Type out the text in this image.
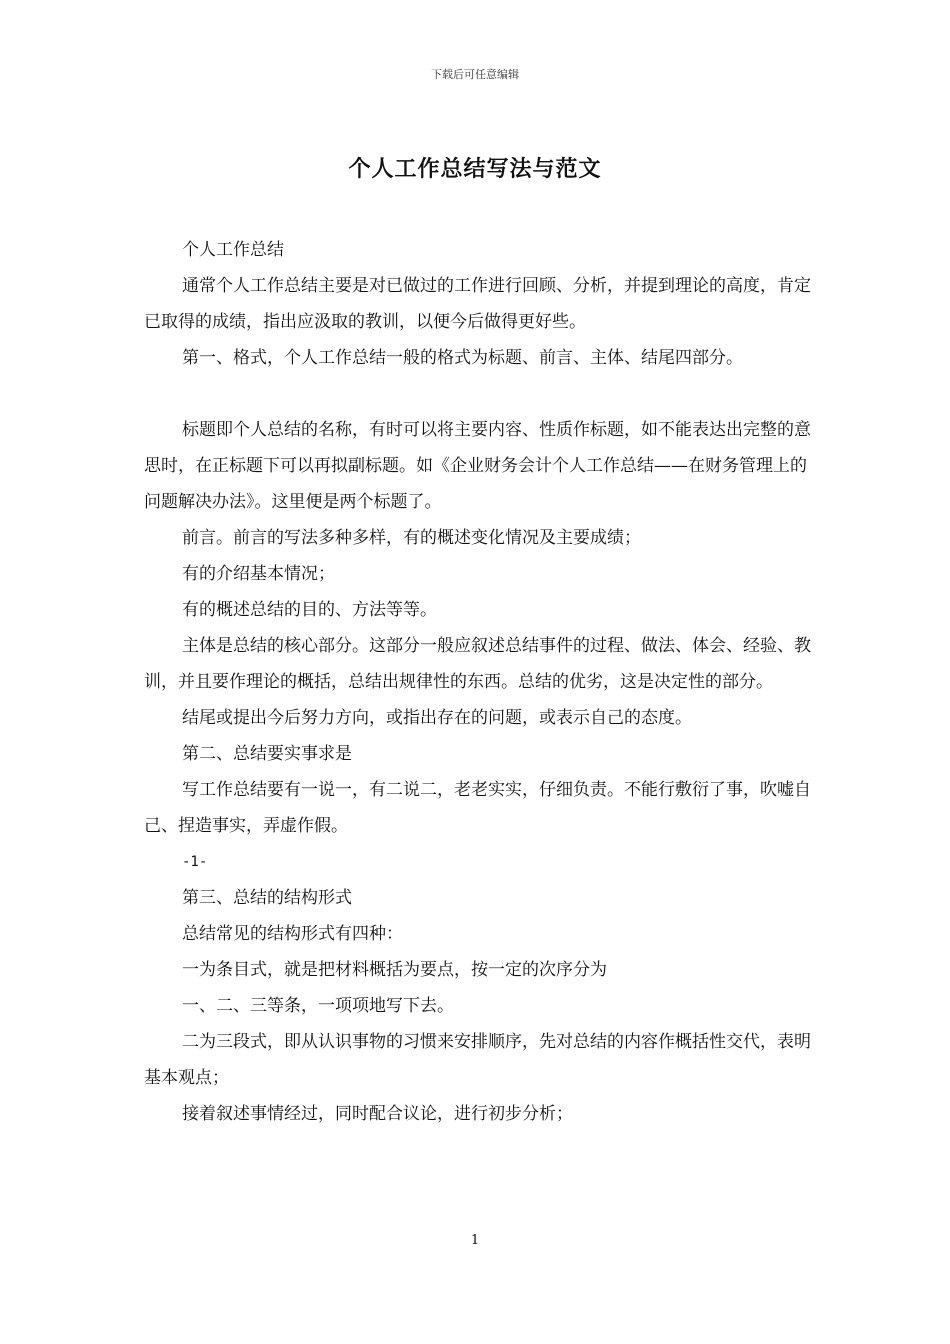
下载后可任意编辑
个人工作总结写法与范文

个人工作总结

通常个人工作总结主要是对已做过的工作进行回顾、分析，并提到理论的高度，肯定已取得的成绩，指出应汲取的教训，以便今后做得更好些。

第一、格式，个人工作总结一般的格式为标题、前言、主体、结尾四部分。

标题即个人总结的名称，有时可以将主要内容、性质作标题，如不能表达出完整的意思时，在正标题下可以再拟副标题。如《企业财务会计个人工作总结——在财务管理上的问题解决办法》。这里便是两个标题了。

前言。前言的写法多种多样，有的概述变化情况及主要成绩；

有的介绍基本情况；

有的概述总结的目的、方法等等。

主体是总结的核心部分。这部分一般应叙述总结事件的过程、做法、体会、经验、教训，并且要作理论的概括，总结出规律性的东西。总结的优劣，这是决定性的部分。

结尾或提出今后努力方向，或指出存在的问题，或表示自己的态度。

第二、总结要实事求是

写工作总结要有一说一，有二说二，老老实实，仔细负责。不能行敷衍了事，吹嘘自己、捏造事实，弄虚作假。

-1-

第三、总结的结构形式

总结常见的结构形式有四种：

一为条目式，就是把材料概括为要点，按一定的次序分为

一、二、三等条，一项项地写下去。

二为三段式，即从认识事物的习惯来安排顺序，先对总结的内容作概括性交代，表明基本观点；

接着叙述事情经过，同时配合议论，进行初步分析；

1
